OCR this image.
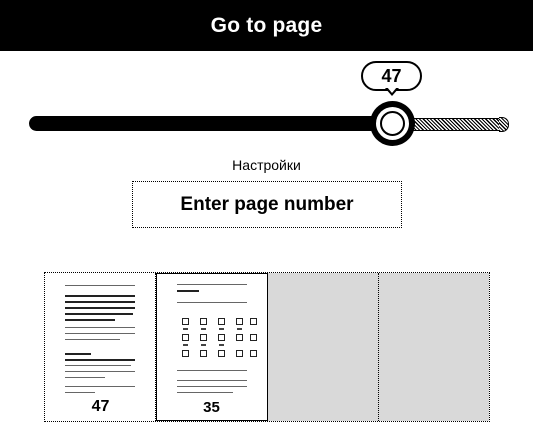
Go to page
47
Настройки
Enter page number
47	35
